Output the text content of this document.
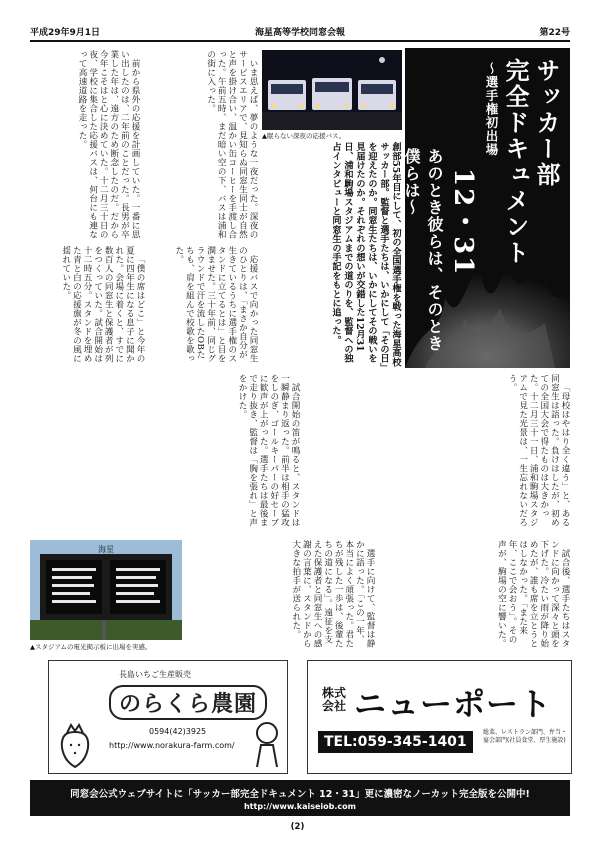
平成29年9月1日	海星高等学校同窓会報	第22号
サッカー部
完全ドキュメント
～選手権初出場
12・31
あのとき彼らは、そのとき僕らは～
創部55年目にして、初の全国選手権を戦った海星高校サッカー部。監督と選手たちは、いかにして「その日」を迎えたのか。同窓生たちは、いかにしてその戦いを見届けたのか。それぞれの想いが交錯した12月31日、浦和駒場スタジアムまでの道のりを、監督への独占インタビューと同窓生の手記をもとに追った。
▲眠らない深夜の応援バス。

前から県外の応援を計画していた。一番に思い出したのは、二年前のことだった。長男が卒業した年は、遠方のため断念したのだ。だから今年こそはと心に決めていた。十二月三十日の夜、学校に集合した応援バスは、何台にも連なって高速道路を走った。	いま思えば、夢のような一夜だった。深夜のサービスエリアで、見知らぬ同窓生同士が自然と声を掛け合い、温かい缶コーヒーを手渡し合った。午前五時、まだ暗い空の下、バスは浦和の街に入った。

「僕の席はどこ」と今年の夏に四年生になる息子に聞かれた。会場に着くと、すでに数百人の同窓生と保護者が列をつくっていた。試合開始は十二時五分。スタンドを埋めた青と白の応援旗が冬の風に揺れていた。	応援バスで向かった同窓生のひとりは、「まさか自分が生きているうちに選手権のスタンドに立てるとは」と目を潤ませた。三十年前、同じグラウンドで汗を流したOBたちも、肩を組んで校歌を歌った。

試合開始の笛が鳴ると、スタンドは一瞬静まり返った。前半は相手の猛攻をしのぎ、ゴールキーパーの好セーブに歓声が上がった。選手たちは最後まで走り抜き、監督は「胸を張れ」と声をかけた。	「母校はやはり全く違う」と、ある同窓生は語った。負けはしたが、初めての全国大会で得たものは大きかった。十二月三十一日、浦和駒場スタジアムで見た光景は、一生忘れないだろう。

選手に向けて、監督は静かに語った。「この一年、本当によく頑張った。君たちが残した一歩は、後輩たちの道になる」。遠征を支えた保護者と同窓生への感謝の言葉に、スタンドから大きな拍手が送られた。	試合後、選手たちはスタンドに向かって深々と頭を下げた。冷たい雨が降り始めたが、誰も席を立とうとはしなかった。「また来年、ここで会おう」。その声が、駒場の空に響いた。

海星
▲スタジアムの電光掲示板に出場を実感。
長島いちご生産販売
のらくら農園
0594(42)3925
http://www.norakura-farm.com/
株式会社 ニューポート
TEL:059-345-1401
総菜、レストラン部門、弁当・宴会部門(社員食堂、厚生施設)
同窓会公式ウェブサイトに「サッカー部完全ドキュメント 12・31」更に濃密なノーカット完全版を公開中!
http://www.kaiseiob.com
(2)
